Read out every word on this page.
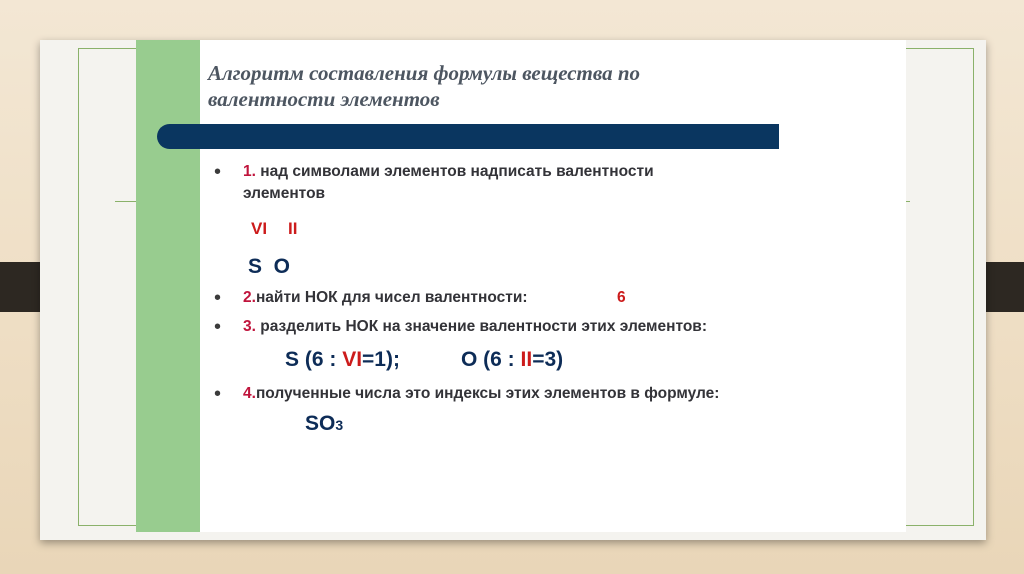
Алгоритм составления формулы вещества по
валентности элементов
•	1. над символами элементов надписать валентности
элементов
VI II
S  O
•	2.найти НОК для чисел валентности:	6
•	3. разделить НОК на значение валентности этих элементов:
S (6 : VI=1);	O (6 : II=3)
•	4.полученные числа это индексы этих элементов в формуле:
SO3
